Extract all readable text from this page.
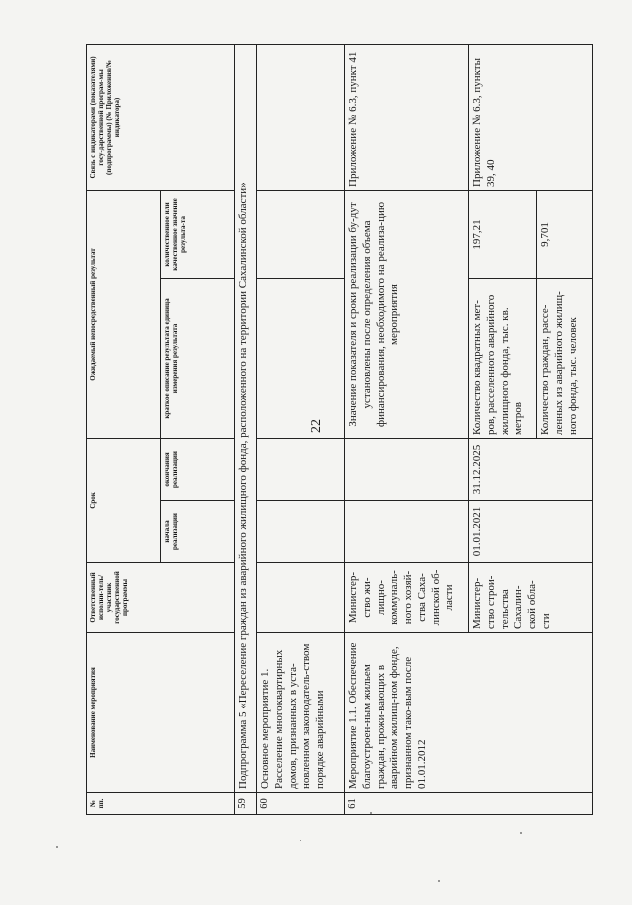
22
№ пп.	Наименование мероприятия	Ответственный исполни-тель/участник государственной программы	Срок		Ожидаемый непосредственный результат		Связь с индикаторами (показателями) госу-дарственной програм-мы (подпрограммы) (№ Приложения/№ индикатора)
			начала реализации	окончания реализации	краткое описание результата единица измерения результата	количественное или качественное значение результа-та	
59	Подпрограмма 5 «Переселение граждан из аварийного жилищного фонда, расположенного на территории Сахалинской области»						
60	Основное мероприятие 1. Расселение многоквартирных домов, признанных в уста-новленном законодатель-ством порядке аварийными						
61	Мероприятие 1.1. Обеспечение благоустроен-ным жильем граждан, прожи-вающих в аварийном жилищ-ном фонде, признанном тако-вым после 01.01.2012	Министер-ство жи-лищно-коммуналь-ного хозяй-ства Саха-линской об-ласти			Значение показателя и сроки реализации бу-дут установлены после определения объема финансирования, необходимого на реализа-цию мероприятия		Приложение № 6.3, пункт 41
		Министер-ство строи-тельства Сахалин-ской обла-сти	01.01.2021	31.12.2025	Количество квадратных мет-ров, расселенного аварийного жилищного фонда, тыс. кв. метров	197,21	Приложение № 6.3, пункты 39, 40
					Количество граждан, рассе-ленных из аварийного жилищ-ного фонда, тыс. человек	9,701	
